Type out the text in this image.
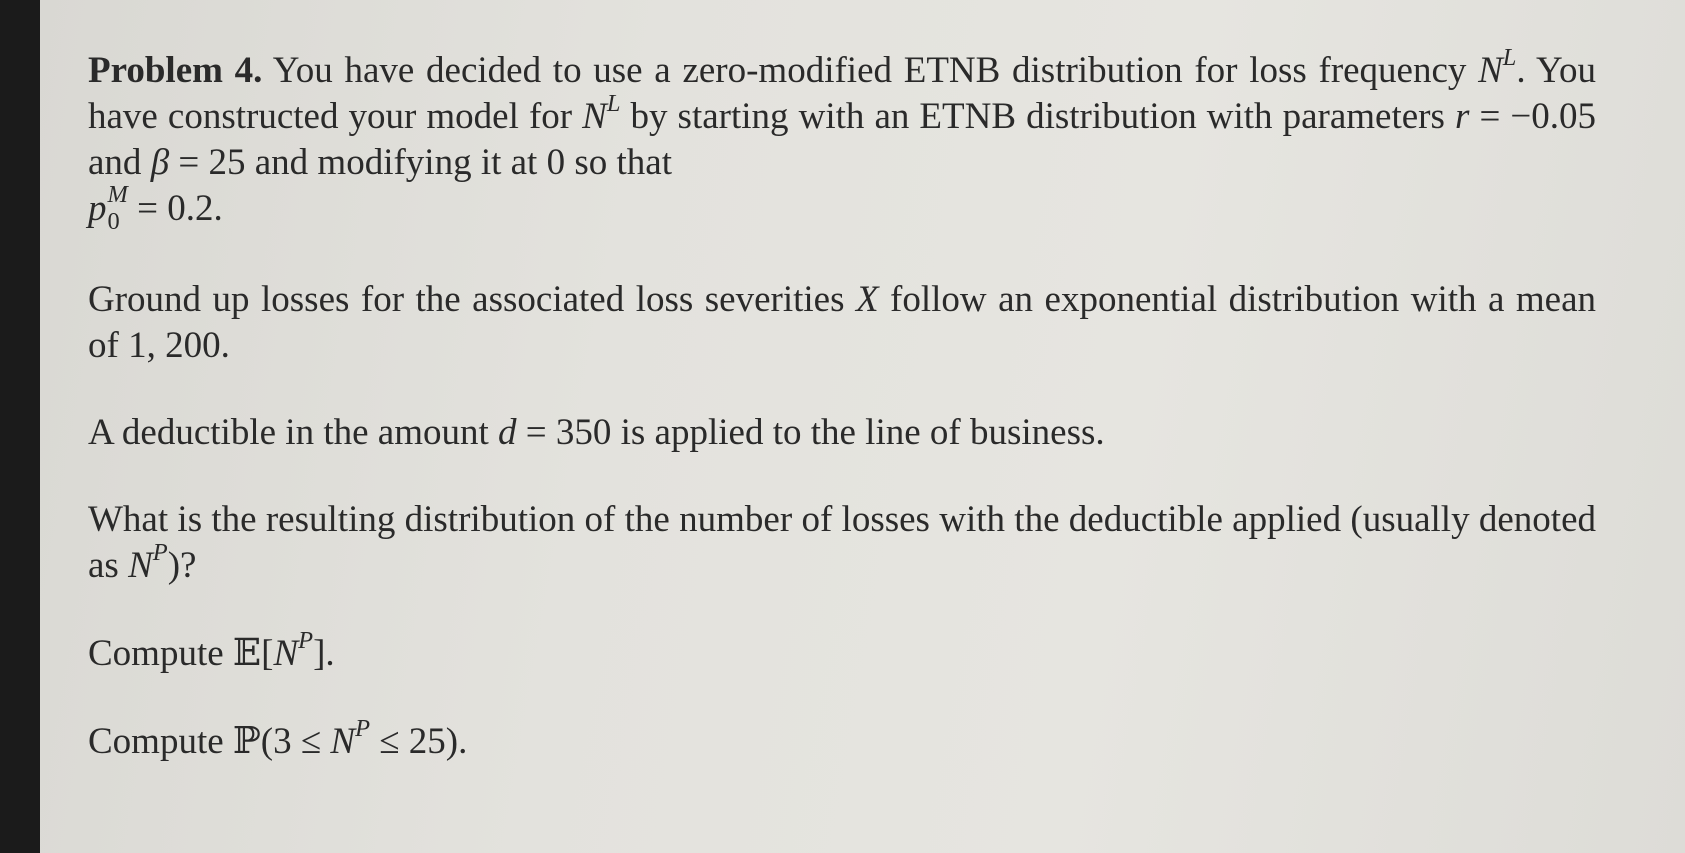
Problem 4. You have decided to use a zero-modified ETNB distribution for loss frequency $N^L$. You have constructed your model for $N^L$ by starting with an ETNB distribution with parameters r = −0.05 and β = 25 and modifying it at 0 so that
p M
0 = 0.2.

Ground up losses for the associated loss severities X follow an exponential distribution with a mean of 1, 200.

A deductible in the amount d = 350 is applied to the line of business.

What is the resulting distribution of the number of losses with the deductible applied (usually denoted as $N^P$)?

Compute $𝔼[N^P]$.

Compute ℙ(3 ≤ $N^P \le 25$).
